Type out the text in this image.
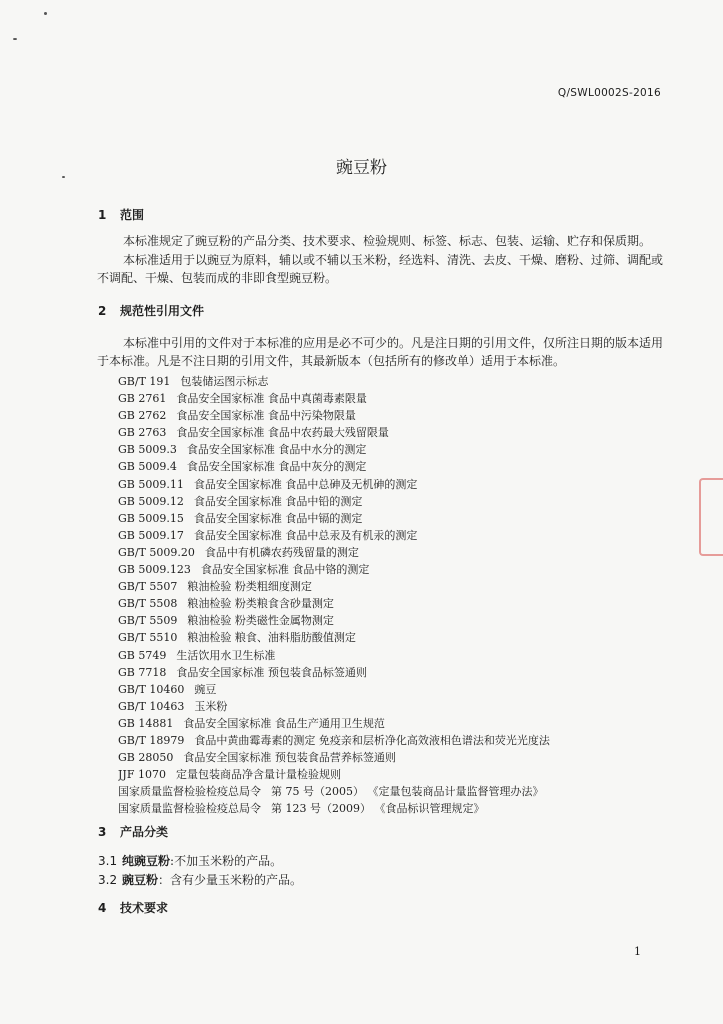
Q/SWL0002S-2016
豌豆粉
1 范围

本标准规定了豌豆粉的产品分类、技术要求、检验规则、标签、标志、包装、运输、贮存和保质期。

本标准适用于以豌豆为原料，辅以或不辅以玉米粉，经选料、清洗、去皮、干燥、磨粉、过筛、调配或不调配、干燥、包装而成的非即食型豌豆粉。

2 规范性引用文件

本标准中引用的文件对于本标准的应用是必不可少的。凡是注日期的引用文件，仅所注日期的版本适用于本标准。凡是不注日期的引用文件，其最新版本（包括所有的修改单）适用于本标准。

GB/T 191 包装储运图示标志
GB 2761 食品安全国家标准 食品中真菌毒素限量
GB 2762 食品安全国家标准 食品中污染物限量
GB 2763 食品安全国家标准 食品中农药最大残留限量
GB 5009.3 食品安全国家标准 食品中水分的测定
GB 5009.4 食品安全国家标准 食品中灰分的测定
GB 5009.11 食品安全国家标准 食品中总砷及无机砷的测定
GB 5009.12 食品安全国家标准 食品中铅的测定
GB 5009.15 食品安全国家标准 食品中镉的测定
GB 5009.17 食品安全国家标准 食品中总汞及有机汞的测定
GB/T 5009.20 食品中有机磷农药残留量的测定
GB 5009.123 食品安全国家标准 食品中铬的测定
GB/T 5507 粮油检验 粉类粗细度测定
GB/T 5508 粮油检验 粉类粮食含砂量测定
GB/T 5509 粮油检验 粉类磁性金属物测定
GB/T 5510 粮油检验 粮食、油料脂肪酸值测定
GB 5749 生活饮用水卫生标准
GB 7718 食品安全国家标准 预包装食品标签通则
GB/T 10460 豌豆
GB/T 10463 玉米粉
GB 14881 食品安全国家标准 食品生产通用卫生规范
GB/T 18979 食品中黄曲霉毒素的测定 免疫亲和层析净化高效液相色谱法和荧光光度法
GB 28050 食品安全国家标准 预包装食品营养标签通则
JJF 1070 定量包装商品净含量计量检验规则
国家质量监督检验检疫总局令 第 75 号（2005） 《定量包装商品计量监督管理办法》
国家质量监督检验检疫总局令 第 123 号（2009） 《食品标识管理规定》
3 产品分类
3.1 纯豌豆粉:不加玉米粉的产品。
3.2 豌豆粉：含有少量玉米粉的产品。
4 技术要求
1
